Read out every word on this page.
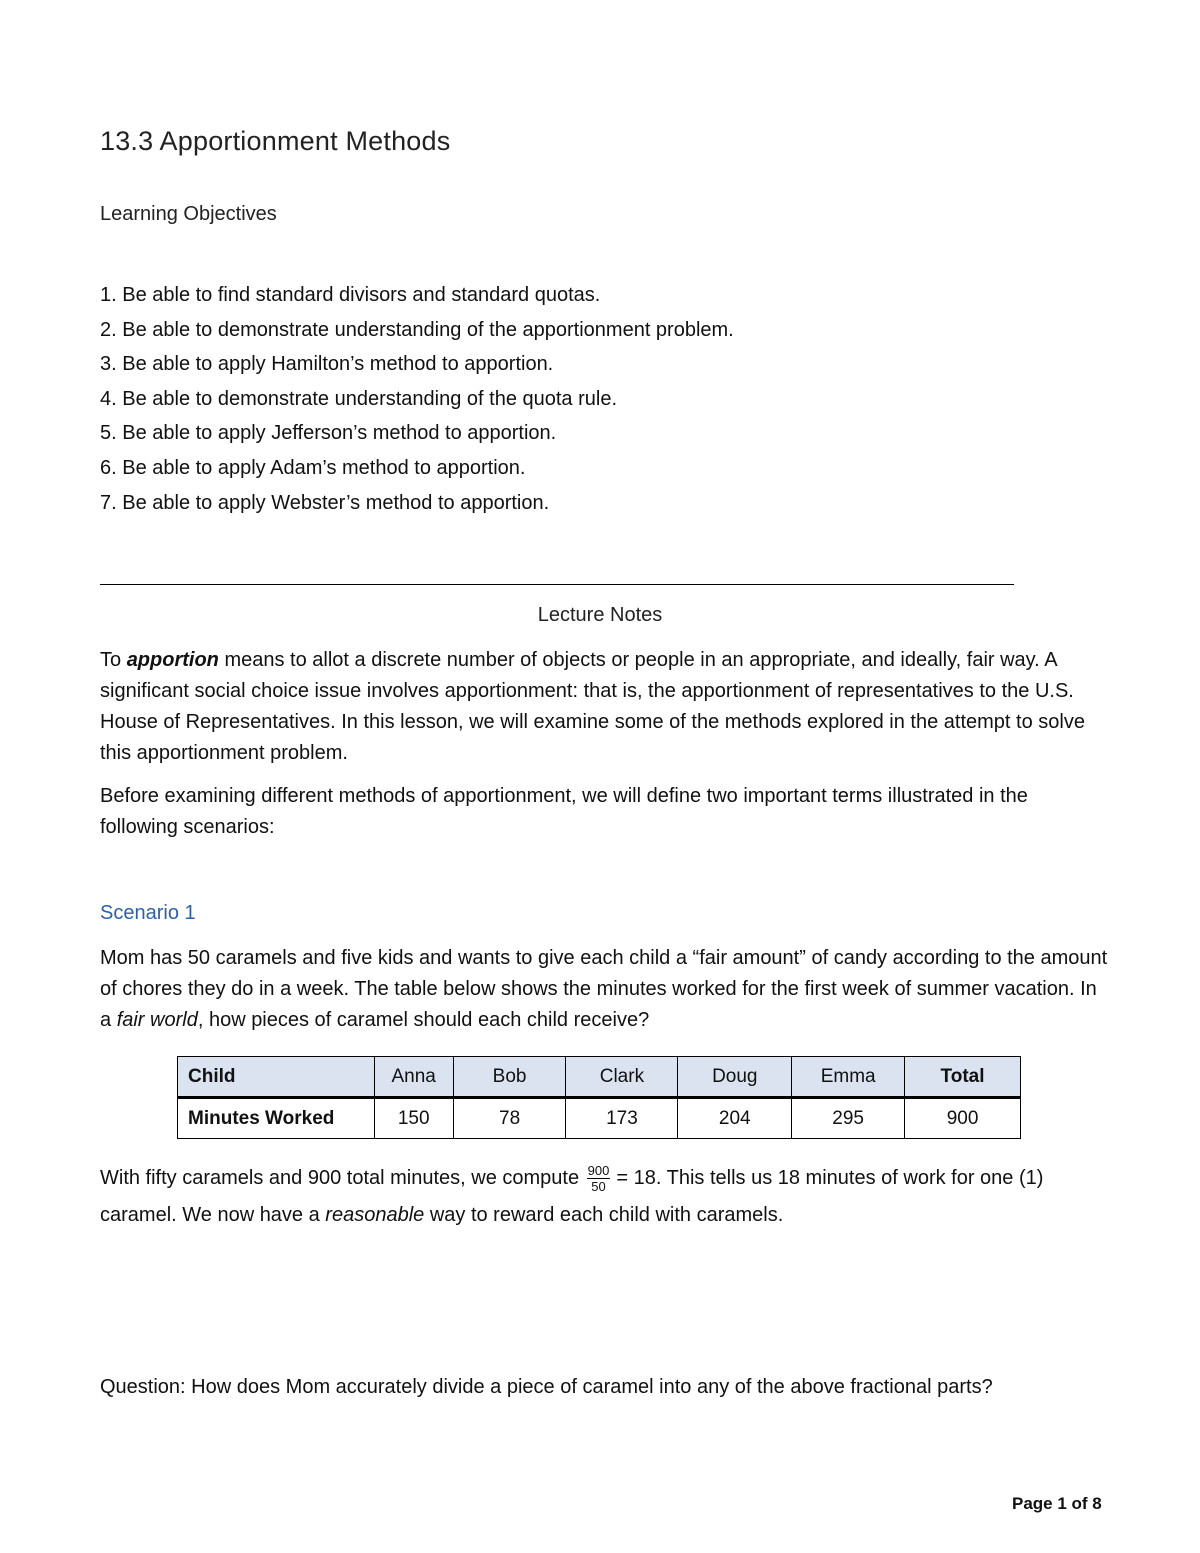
13.3 Apportionment Methods
Learning Objectives
1. Be able to find standard divisors and standard quotas.
2. Be able to demonstrate understanding of the apportionment problem.
3. Be able to apply Hamilton’s method to apportion.
4. Be able to demonstrate understanding of the quota rule.
5. Be able to apply Jefferson’s method to apportion.
6. Be able to apply Adam’s method to apportion.
7. Be able to apply Webster’s method to apportion.
Lecture Notes

To apportion means to allot a discrete number of objects or people in an appropriate, and ideally, fair way. A significant social choice issue involves apportionment: that is, the apportionment of representatives to the U.S. House of Representatives. In this lesson, we will examine some of the methods explored in the attempt to solve this apportionment problem.

Before examining different methods of apportionment, we will define two important terms illustrated in the following scenarios:

Scenario 1

Mom has 50 caramels and five kids and wants to give each child a “fair amount” of candy according to the amount of chores they do in a week. The table below shows the minutes worked for the first week of summer vacation. In a fair world, how pieces of caramel should each child receive?

Child	Anna	Bob	Clark	Doug	Emma	Total
Minutes Worked	150	78	173	204	295	900

With fifty caramels and 900 total minutes, we compute $\frac{900}{50} = 18$. This tells us 18 minutes of work for one (1) caramel. We now have a reasonable way to reward each child with caramels.

Question: How does Mom accurately divide a piece of caramel into any of the above fractional parts?

Page 1 of 8
